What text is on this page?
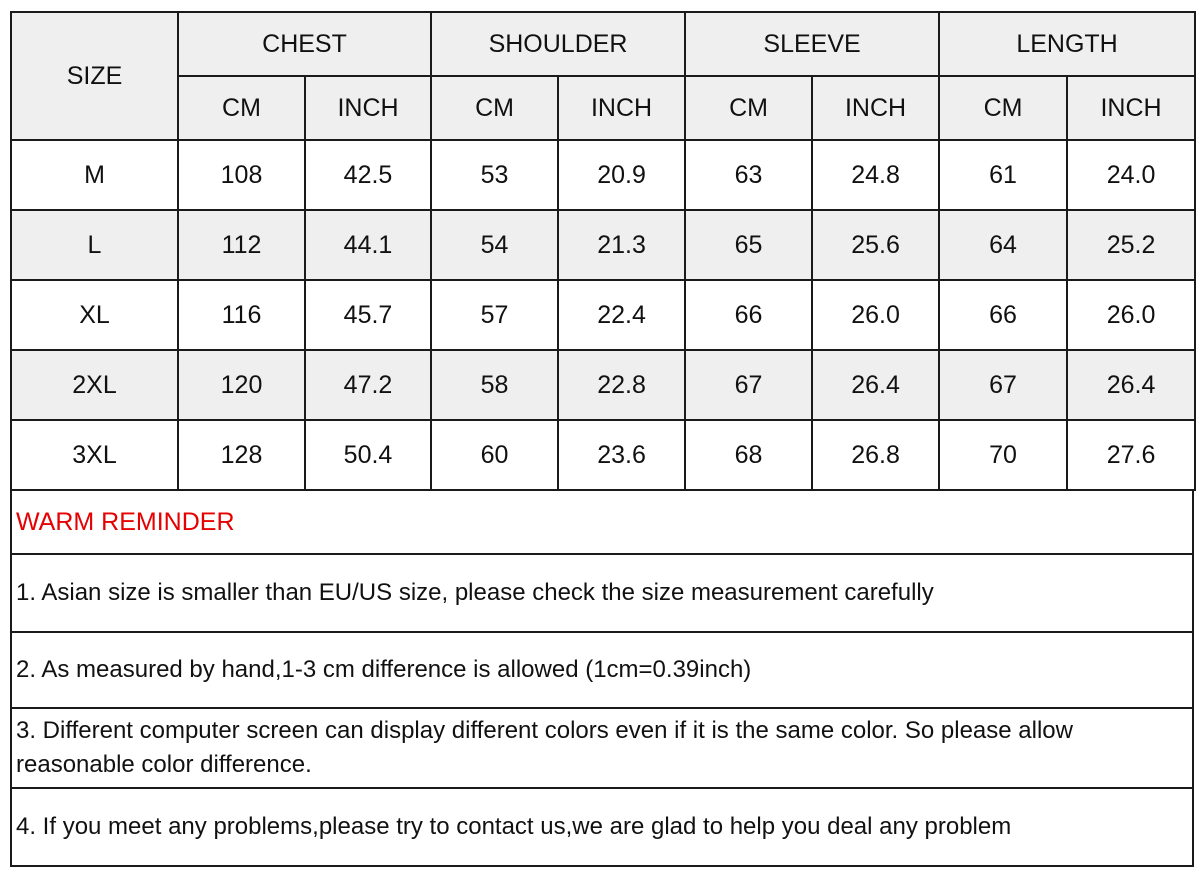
SIZE	CHEST		SHOULDER		SLEEVE		LENGTH	
	CM	INCH	CM	INCH	CM	INCH	CM	INCH
M	108	42.5	53	20.9	63	24.8	61	24.0
L	112	44.1	54	21.3	65	25.6	64	25.2
XL	116	45.7	57	22.4	66	26.0	66	26.0
2XL	120	47.2	58	22.8	67	26.4	67	26.4
3XL	128	50.4	60	23.6	68	26.8	70	27.6
WARM REMINDER
1. Asian size is smaller than EU/US size, please check the size measurement carefully
2. As measured by hand,1-3 cm difference is allowed (1cm=0.39inch)
3. Different computer screen can display different colors even if it is the same color. So please allow reasonable color difference.
4. If you meet any problems,please try to contact us,we are glad to help you deal any problem
